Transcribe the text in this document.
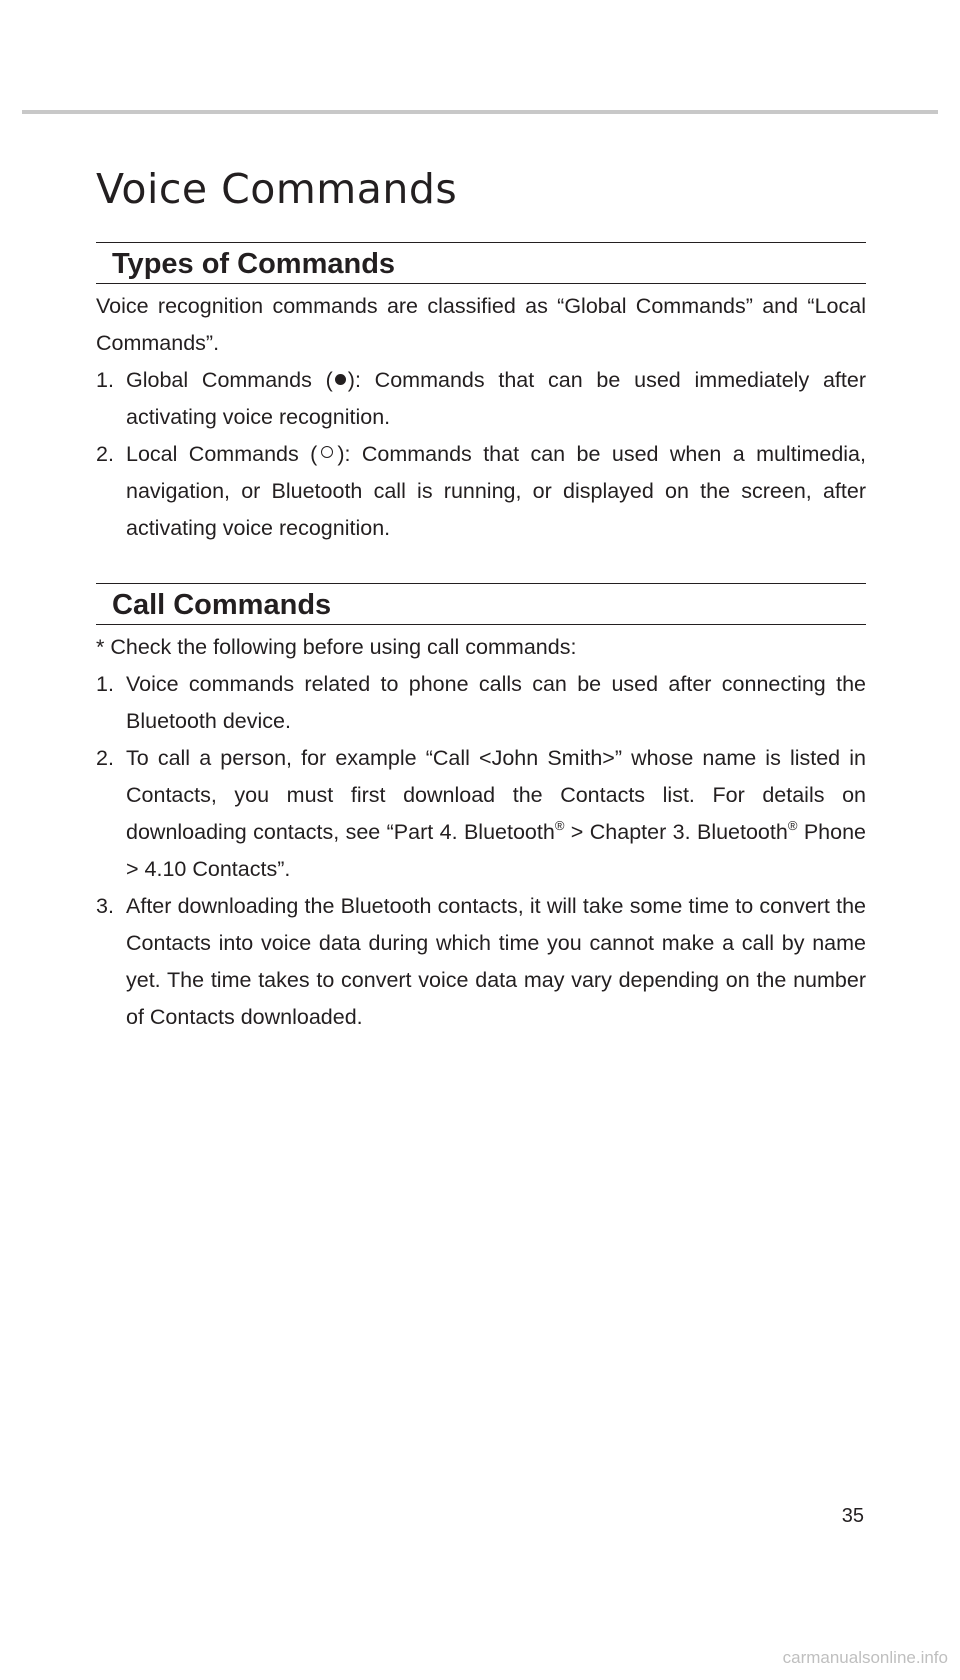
Voice Commands
Types of Commands

Voice recognition commands are classified as “Global Commands” and “Local Commands”.

1. Global Commands ( ): Commands that can be used immediately after activating voice recognition.
2. Local Commands ( ): Commands that can be used when a multimedia, navigation, or Bluetooth call is running, or displayed on the screen, after activating voice recognition.
Call Commands

* Check the following before using call commands:

1. Voice commands related to phone calls can be used after connecting the Bluetooth device.
2. To call a person, for example “Call <John Smith>” whose name is listed in Contacts, you must first download the Contacts list. For details on downloading contacts, see “Part 4. Bluetooth® > Chapter 3. Bluetooth® Phone > 4.10 Contacts”.
3. After downloading the Bluetooth contacts, it will take some time to convert the Contacts into voice data during which time you cannot make a call by name yet. The time takes to convert voice data may vary depending on the number of Contacts downloaded.
35
carmanualsonline.info
